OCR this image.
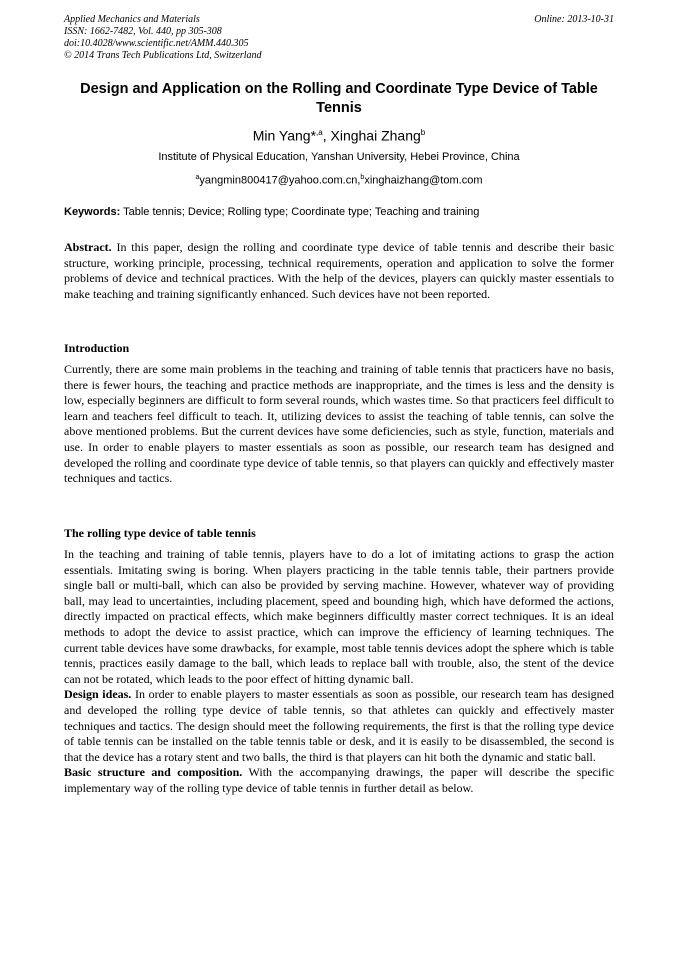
Applied Mechanics and Materials
ISSN: 1662-7482, Vol. 440, pp 305-308
doi:10.4028/www.scientific.net/AMM.440.305
© 2014 Trans Tech Publications Ltd, Switzerland
Online: 2013-10-31
Design and Application on the Rolling and Coordinate Type Device of Table Tennis
Min Yang*$^{,a}$, Xinghai Zhang$^b$
Institute of Physical Education, Yanshan University, Hebei Province, China
$^a$yangmin800417@yahoo.com.cn,$^b$xinghaizhang@tom.com
Keywords: Table tennis; Device; Rolling type; Coordinate type; Teaching and training

Abstract. In this paper, design the rolling and coordinate type device of table tennis and describe their basic structure, working principle, processing, technical requirements, operation and application to solve the former problems of device and technical practices. With the help of the devices, players can quickly master essentials to make teaching and training significantly enhanced. Such devices have not been reported.

Introduction

Currently, there are some main problems in the teaching and training of table tennis that practicers have no basis, there is fewer hours, the teaching and practice methods are inappropriate, and the times is less and the density is low, especially beginners are difficult to form several rounds, which wastes time. So that practicers feel difficult to learn and teachers feel difficult to teach. It, utilizing devices to assist the teaching of table tennis, can solve the above mentioned problems. But the current devices have some deficiencies, such as style, function, materials and use. In order to enable players to master essentials as soon as possible, our research team has designed and developed the rolling and coordinate type device of table tennis, so that players can quickly and effectively master techniques and tactics.

The rolling type device of table tennis

In the teaching and training of table tennis, players have to do a lot of imitating actions to grasp the action essentials. Imitating swing is boring. When players practicing in the table tennis table, their partners provide single ball or multi-ball, which can also be provided by serving machine. However, whatever way of providing ball, may lead to uncertainties, including placement, speed and bounding high, which have deformed the actions, directly impacted on practical effects, which make beginners difficultly master correct techniques. It is an ideal methods to adopt the device to assist practice, which can improve the efficiency of learning techniques. The current table devices have some drawbacks, for example, most table tennis devices adopt the sphere which is table tennis, practices easily damage to the ball, which leads to replace ball with trouble, also, the stent of the device can not be rotated, which leads to the poor effect of hitting dynamic ball.

Design ideas. In order to enable players to master essentials as soon as possible, our research team has designed and developed the rolling type device of table tennis, so that athletes can quickly and effectively master techniques and tactics. The design should meet the following requirements, the first is that the rolling type device of table tennis can be installed on the table tennis table or desk, and it is easily to be disassembled, the second is that the device has a rotary stent and two balls, the third is that players can hit both the dynamic and static ball.

Basic structure and composition. With the accompanying drawings, the paper will describe the specific implementary way of the rolling type device of table tennis in further detail as below.
